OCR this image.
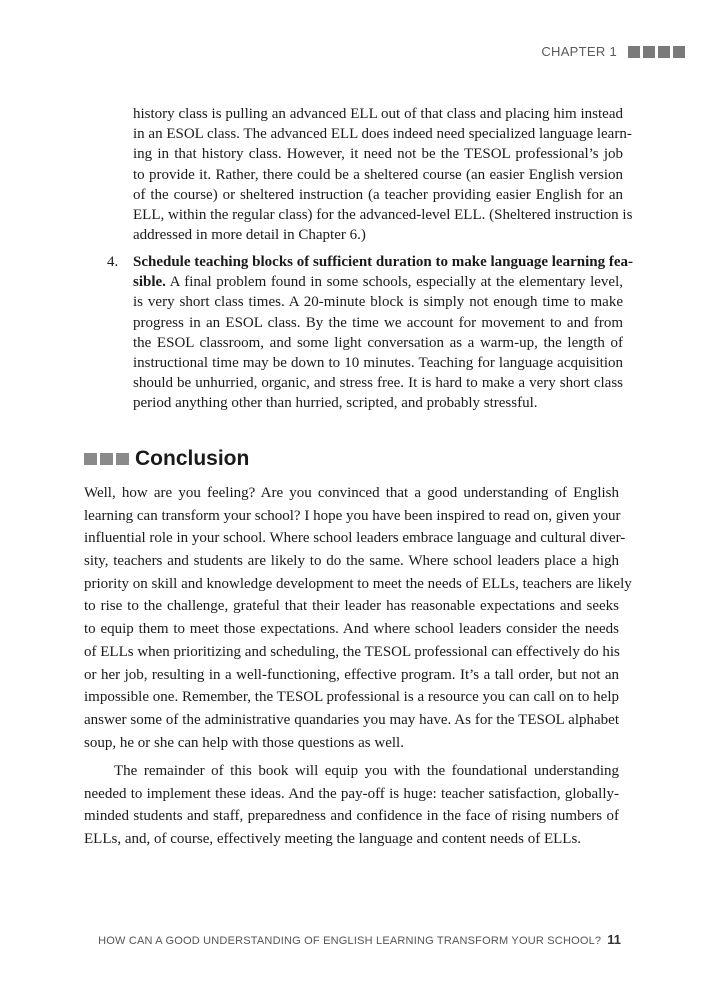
CHAPTER 1
history class is pulling an advanced ELL out of that class and placing him instead
in an ESOL class. The advanced ELL does indeed need specialized language learn-
ing in that history class. However, it need not be the TESOL professional’s job
to provide it. Rather, there could be a sheltered course (an easier English version
of the course) or sheltered instruction (a teacher providing easier English for an
ELL, within the regular class) for the advanced-level ELL. (Sheltered instruction is
addressed in more detail in Chapter 6.)
4. Schedule teaching blocks of sufficient duration to make language learning fea-
sible. A final problem found in some schools, especially at the elementary level,
is very short class times. A 20-minute block is simply not enough time to make
progress in an ESOL class. By the time we account for movement to and from
the ESOL classroom, and some light conversation as a warm-up, the length of
instructional time may be down to 10 minutes. Teaching for language acquisition
should be unhurried, organic, and stress free. It is hard to make a very short class
period anything other than hurried, scripted, and probably stressful.
Conclusion
Well, how are you feeling? Are you convinced that a good understanding of English
learning can transform your school? I hope you have been inspired to read on, given your
influential role in your school. Where school leaders embrace language and cultural diver-
sity, teachers and students are likely to do the same. Where school leaders place a high
priority on skill and knowledge development to meet the needs of ELLs, teachers are likely
to rise to the challenge, grateful that their leader has reasonable expectations and seeks
to equip them to meet those expectations. And where school leaders consider the needs
of ELLs when prioritizing and scheduling, the TESOL professional can effectively do his
or her job, resulting in a well-functioning, effective program. It’s a tall order, but not an
impossible one. Remember, the TESOL professional is a resource you can call on to help
answer some of the administrative quandaries you may have. As for the TESOL alphabet
soup, he or she can help with those questions as well.
The remainder of this book will equip you with the foundational understanding
needed to implement these ideas. And the pay-off is huge: teacher satisfaction, globally-
minded students and staff, preparedness and confidence in the face of rising numbers of
ELLs, and, of course, effectively meeting the language and content needs of ELLs.
HOW CAN A GOOD UNDERSTANDING OF ENGLISH LEARNING TRANSFORM YOUR SCHOOL? 11
